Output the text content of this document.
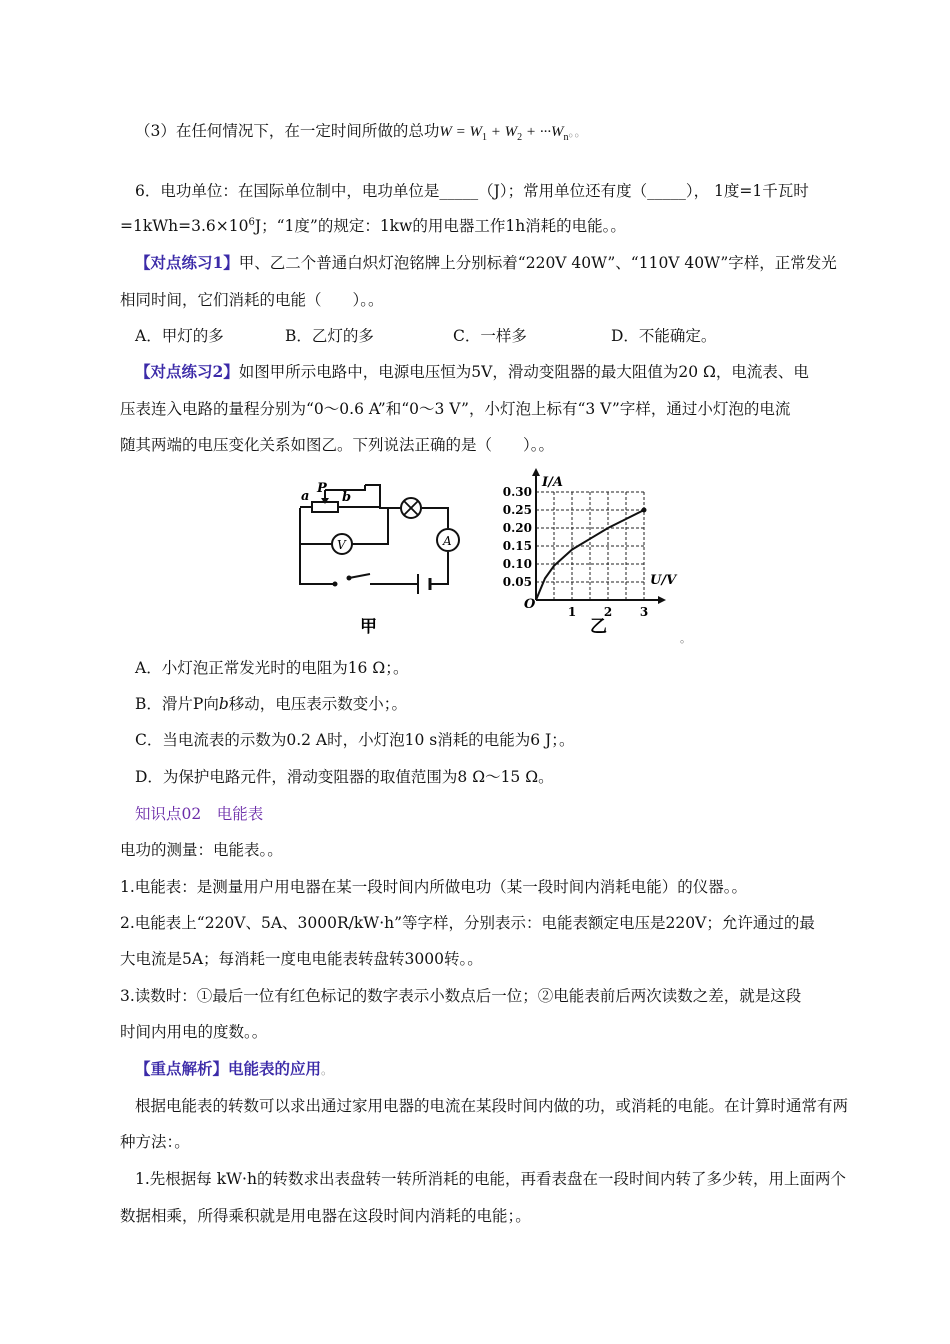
（3）在任何情况下，在一定时间所做的总功$W = W_1 + W_2 + \cdot\cdot\cdot W_n$。。
6．电功单位：在国际单位制中，电功单位是_____（J）；常用单位还有度（_____）， 1度=1千瓦时
$=1kWh=3.6\times 10^6J$；“1度”的规定：1kw的用电器工作1h消耗的电能。。
【对点练习1】甲、乙二个普通白炽灯泡铭牌上分别标着“220V 40W”、“110V 40W”字样，正常发光
相同时间，它们消耗的电能（　　）。。
A．甲灯的多	B．乙灯的多	C．一样多	D．不能确定。
【对点练习2】如图甲所示电路中，电源电压恒为5V，滑动变阻器的最大阻值为20 Ω，电流表、电
压表连入电路的量程分别为“0～0.6 A”和“0～3 V”，小灯泡上标有“3 V”字样，通过小灯泡的电流
随其两端的电压变化关系如图乙。下列说法正确的是（　　）。。
a
P
b
V	A
甲
0.30
0.25
0.20
0.15
0.10
0.05
1 2 3
I/A
U/V
O
乙
。
A．小灯泡正常发光时的电阻为16 Ω；。
B．滑片P向b移动，电压表示数变小；。
C．当电流表的示数为0.2 A时，小灯泡10 s消耗的电能为6 J；。
D．为保护电路元件，滑动变阻器的取值范围为8 Ω～15 Ω。
知识点02　电能表
电功的测量：电能表。。
1.电能表：是测量用户用电器在某一段时间内所做电功（某一段时间内消耗电能）的仪器。。
2.电能表上“220V、5A、3000R/kW·h”等字样，分别表示：电能表额定电压是220V；允许通过的最
大电流是5A；每消耗一度电电能表转盘转3000转。。
3.读数时：①最后一位有红色标记的数字表示小数点后一位；②电能表前后两次读数之差，就是这段
时间内用电的度数。。
【重点解析】电能表的应用。
根据电能表的转数可以求出通过家用电器的电流在某段时间内做的功，或消耗的电能。在计算时通常有两
种方法：。
1.先根据每 kW·h的转数求出表盘转一转所消耗的电能，再看表盘在一段时间内转了多少转，用上面两个
数据相乘，所得乘积就是用电器在这段时间内消耗的电能；。
